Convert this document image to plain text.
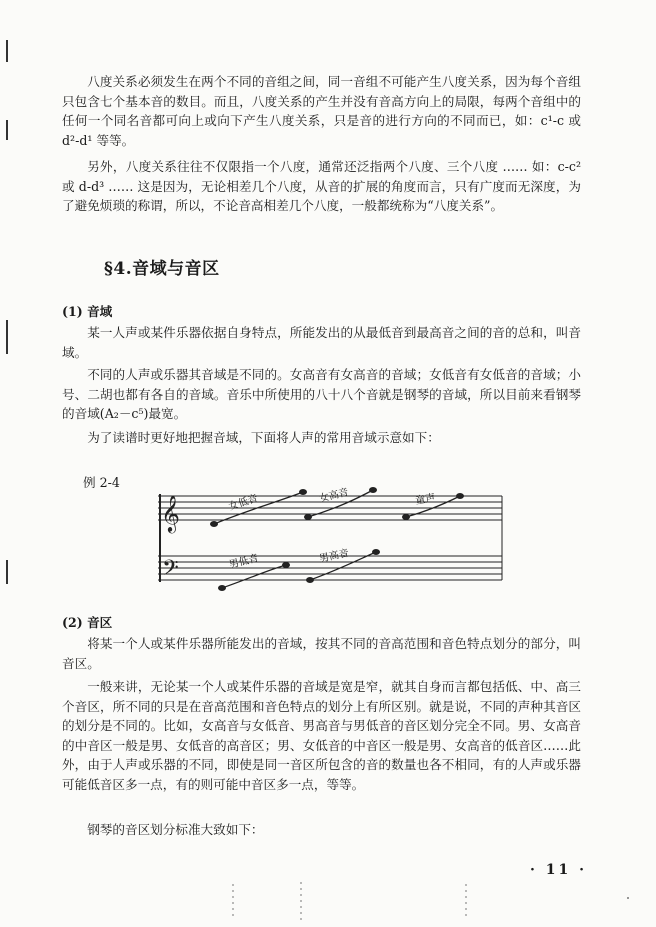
八度关系必须发生在两个不同的音组之间，同一音组不可能产生八度关系，因为每个音组只包含七个基本音的数目。而且，八度关系的产生并没有音高方向上的局限，每两个音组中的任何一个同名音都可向上或向下产生八度关系，只是音的进行方向的不同而已，如：c¹-c 或 d²-d¹ 等等。

另外，八度关系往往不仅限指一个八度，通常还泛指两个八度、三个八度 …… 如：c-c² 或 d-d³ …… 这是因为，无论相差几个八度，从音的扩展的角度而言，只有广度而无深度，为了避免烦琐的称谓，所以，不论音高相差几个八度，一般都统称为“八度关系”。

§4.音域与音区

(1) 音域

某一人声或某件乐器依据自身特点，所能发出的从最低音到最高音之间的音的总和，叫音域。

不同的人声或乐器其音域是不同的。女高音有女高音的音域；女低音有女低音的音域；小号、二胡也都有各自的音域。音乐中所使用的八十八个音就是钢琴的音域，所以目前来看钢琴的音域(A₂－c⁵)最宽。

为了读谱时更好地把握音域，下面将人声的常用音域示意如下：

例 2-4

𝄞
𝄢
女低音	女高音	童声
男低音	男高音

(2) 音区

将某一个人或某件乐器所能发出的音域，按其不同的音高范围和音色特点划分的部分，叫音区。

一般来讲，无论某一个人或某件乐器的音域是宽是窄，就其自身而言都包括低、中、高三个音区，所不同的只是在音高范围和音色特点的划分上有所区别。就是说，不同的声种其音区的划分是不同的。比如，女高音与女低音、男高音与男低音的音区划分完全不同。男、女高音的中音区一般是男、女低音的高音区；男、女低音的中音区一般是男、女高音的低音区……此外，由于人声或乐器的不同，即使是同一音区所包含的音的数量也各不相同，有的人声或乐器可能低音区多一点，有的则可能中音区多一点，等等。

钢琴的音区划分标准大致如下：

· 11 ·
